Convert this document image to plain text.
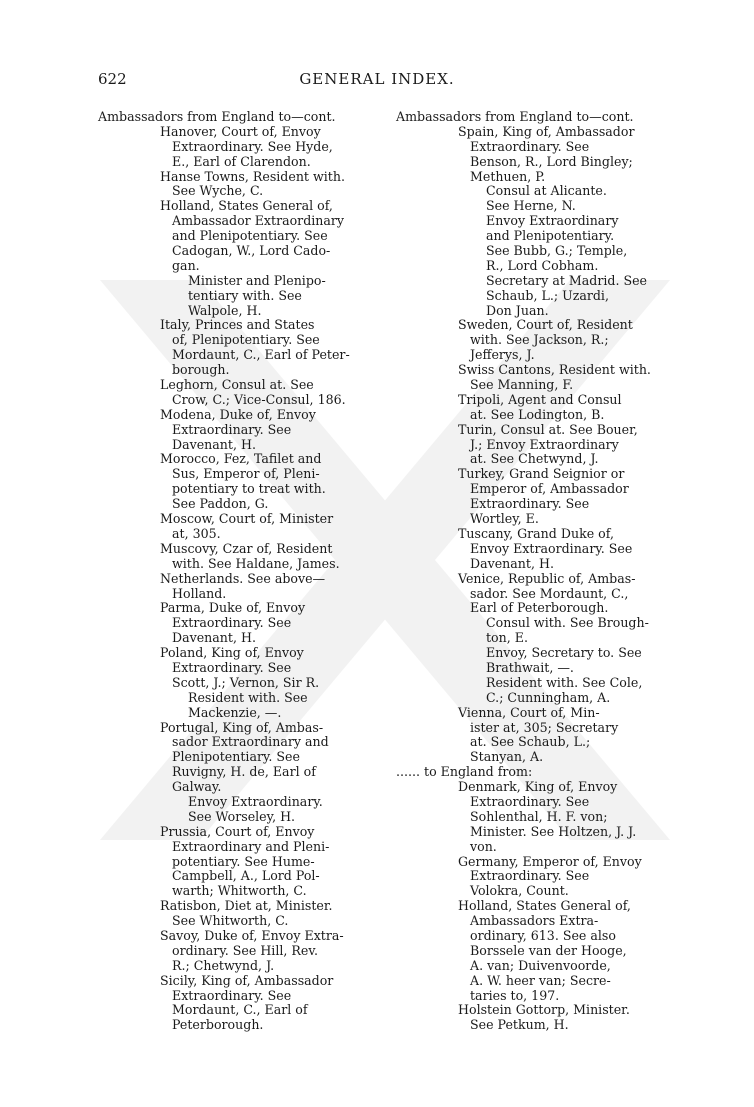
622	GENERAL INDEX.
Ambassadors from England to—cont.
Hanover, Court of, Envoy
Extraordinary. See Hyde,
E., Earl of Clarendon.
Hanse Towns, Resident with.
See Wyche, C.
Holland, States General of,
Ambassador Extraordinary
and Plenipotentiary. See
Cadogan, W., Lord Cado-
gan.
Minister and Plenipo-
tentiary with. See
Walpole, H.
Italy, Princes and States
of, Plenipotentiary. See
Mordaunt, C., Earl of Peter-
borough.
Leghorn, Consul at. See
Crow, C.; Vice-Consul, 186.
Modena, Duke of, Envoy
Extraordinary. See
Davenant, H.
Morocco, Fez, Tafilet and
Sus, Emperor of, Pleni-
potentiary to treat with.
See Paddon, G.
Moscow, Court of, Minister
at, 305.
Muscovy, Czar of, Resident
with. See Haldane, James.
Netherlands. See above—
Holland.
Parma, Duke of, Envoy
Extraordinary. See
Davenant, H.
Poland, King of, Envoy
Extraordinary. See
Scott, J.; Vernon, Sir R.
Resident with. See
Mackenzie, —.
Portugal, King of, Ambas-
sador Extraordinary and
Plenipotentiary. See
Ruvigny, H. de, Earl of
Galway.
Envoy Extraordinary.
See Worseley, H.
Prussia, Court of, Envoy
Extraordinary and Pleni-
potentiary. See Hume-
Campbell, A., Lord Pol-
warth; Whitworth, C.
Ratisbon, Diet at, Minister.
See Whitworth, C.
Savoy, Duke of, Envoy Extra-
ordinary. See Hill, Rev.
R.; Chetwynd, J.
Sicily, King of, Ambassador
Extraordinary. See
Mordaunt, C., Earl of
Peterborough.
Ambassadors from England to—cont.
Spain, King of, Ambassador
Extraordinary. See
Benson, R., Lord Bingley;
Methuen, P.
Consul at Alicante.
See Herne, N.
Envoy Extraordinary
and Plenipotentiary.
See Bubb, G.; Temple,
R., Lord Cobham.
Secretary at Madrid. See
Schaub, L.; Uzardi,
Don Juan.
Sweden, Court of, Resident
with. See Jackson, R.;
Jefferys, J.
Swiss Cantons, Resident with.
See Manning, F.
Tripoli, Agent and Consul
at. See Lodington, B.
Turin, Consul at. See Bouer,
J.; Envoy Extraordinary
at. See Chetwynd, J.
Turkey, Grand Seignior or
Emperor of, Ambassador
Extraordinary. See
Wortley, E.
Tuscany, Grand Duke of,
Envoy Extraordinary. See
Davenant, H.
Venice, Republic of, Ambas-
sador. See Mordaunt, C.,
Earl of Peterborough.
Consul with. See Brough-
ton, E.
Envoy, Secretary to. See
Brathwait, —.
Resident with. See Cole,
C.; Cunningham, A.
Vienna, Court of, Min-
ister at, 305; Secretary
at. See Schaub, L.;
Stanyan, A.
...... to England from:
Denmark, King of, Envoy
Extraordinary. See
Sohlenthal, H. F. von;
Minister. See Holtzen, J. J.
von.
Germany, Emperor of, Envoy
Extraordinary. See
Volokra, Count.
Holland, States General of,
Ambassadors Extra-
ordinary, 613. See also
Borssele van der Hooge,
A. van; Duivenvoorde,
A. W. heer van; Secre-
taries to, 197.
Holstein Gottorp, Minister.
See Petkum, H.
